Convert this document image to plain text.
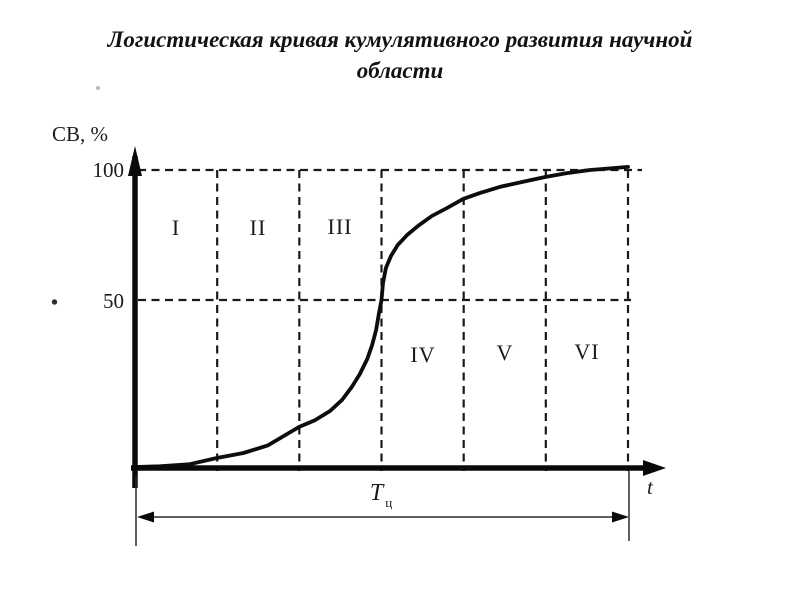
Логистическая кривая кумулятивного развития научной
области
СВ, %
100
50
t
I	II	III
IV	V	VI
T $_ц$
